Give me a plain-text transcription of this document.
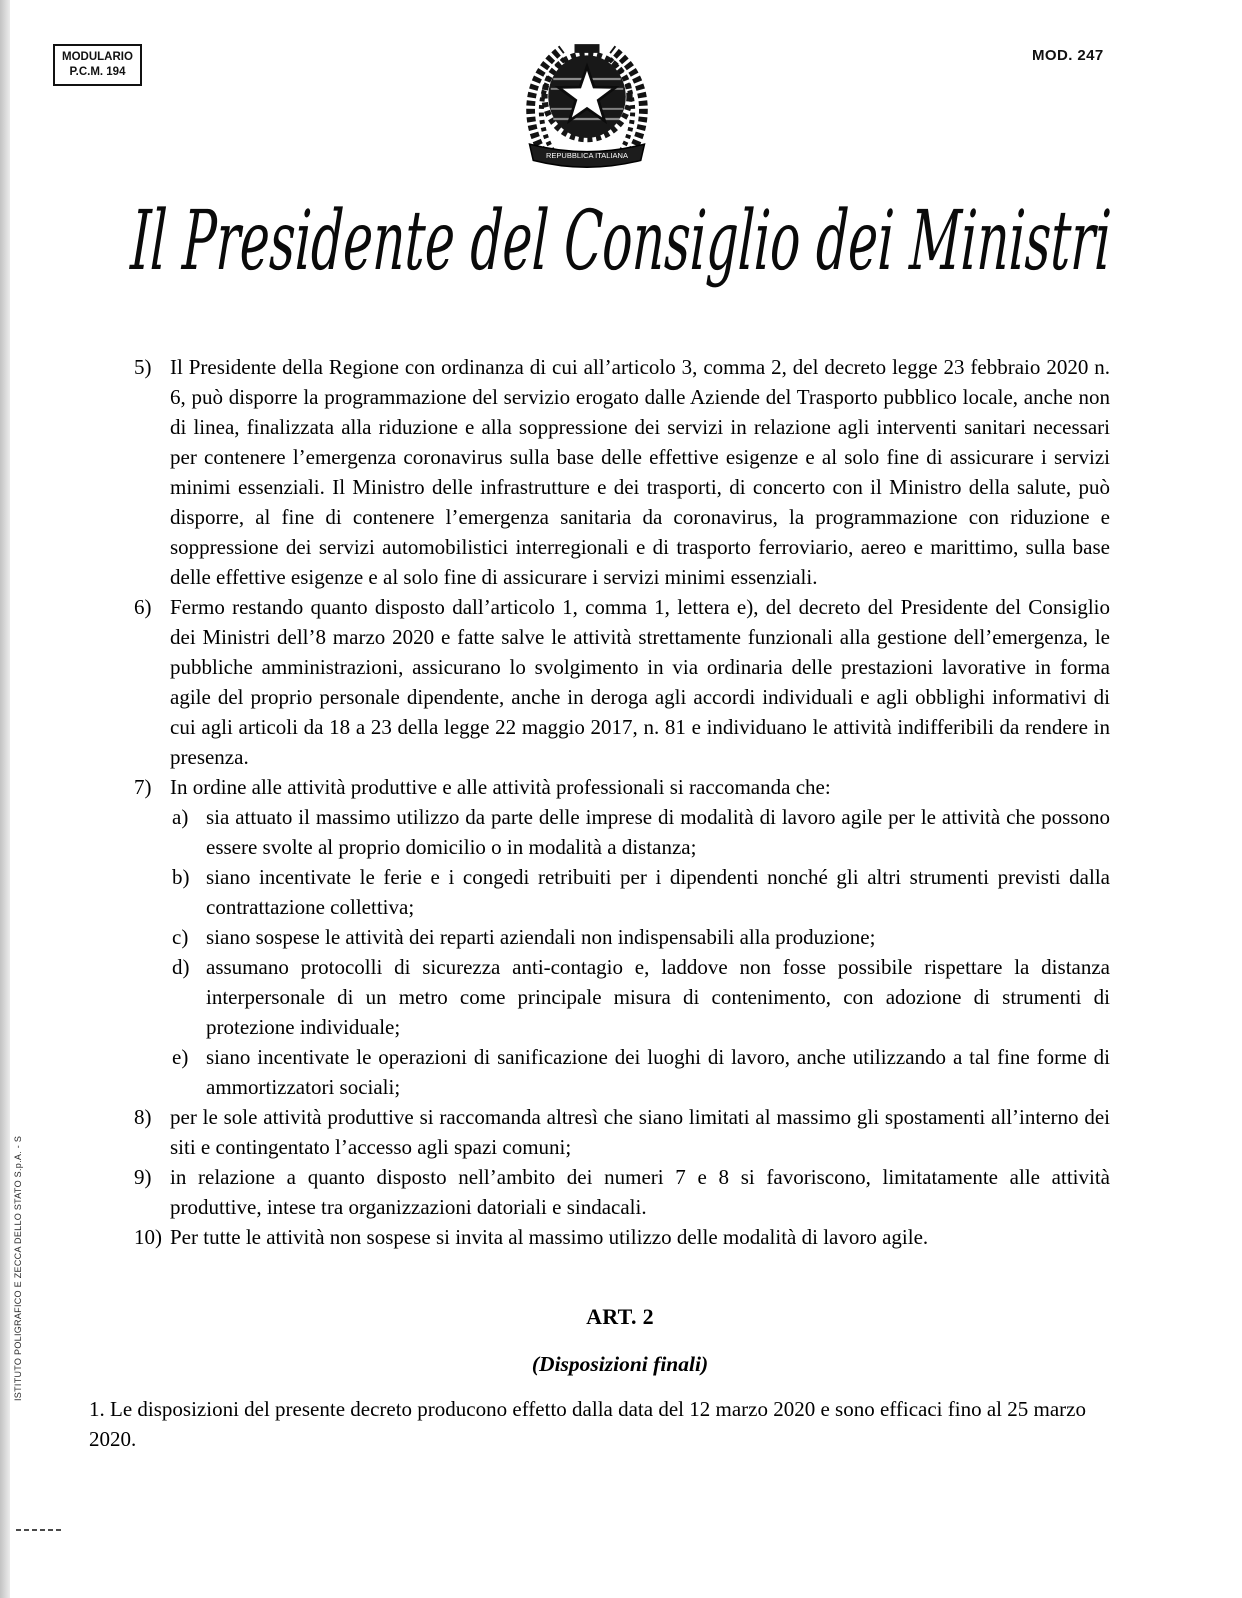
MODULARIO
P.C.M. 194
MOD. 247
REPUBBLICA ITALIANA
Il Presidente del Consiglio dei Ministri
5) Il Presidente della Regione con ordinanza di cui all’articolo 3, comma 2, del decreto legge 23 febbraio 2020 n. 6, può disporre la programmazione del servizio erogato dalle Aziende del Trasporto pubblico locale, anche non di linea, finalizzata alla riduzione e alla soppressione dei servizi in relazione agli interventi sanitari necessari per contenere l’emergenza coronavirus sulla base delle effettive esigenze e al solo fine di assicurare i servizi minimi essenziali. Il Ministro delle infrastrutture e dei trasporti, di concerto con il Ministro della salute, può disporre, al fine di contenere l’emergenza sanitaria da coronavirus, la programmazione con riduzione e soppressione dei servizi automobilistici interregionali e di trasporto ferroviario, aereo e marittimo, sulla base delle effettive esigenze e al solo fine di assicurare i servizi minimi essenziali.
6) Fermo restando quanto disposto dall’articolo 1, comma 1, lettera e), del decreto del Presidente del Consiglio dei Ministri dell’8 marzo 2020 e fatte salve le attività strettamente funzionali alla gestione dell’emergenza, le pubbliche amministrazioni, assicurano lo svolgimento in via ordinaria delle prestazioni lavorative in forma agile del proprio personale dipendente, anche in deroga agli accordi individuali e agli obblighi informativi di cui agli articoli da 18 a 23 della legge 22 maggio 2017, n. 81 e individuano le attività indifferibili da rendere in presenza.
7) In ordine alle attività produttive e alle attività professionali si raccomanda che:
a) sia attuato il massimo utilizzo da parte delle imprese di modalità di lavoro agile per le attività che possono essere svolte al proprio domicilio o in modalità a distanza;
b) siano incentivate le ferie e i congedi retribuiti per i dipendenti nonché gli altri strumenti previsti dalla contrattazione collettiva;
c) siano sospese le attività dei reparti aziendali non indispensabili alla produzione;
d) assumano protocolli di sicurezza anti-contagio e, laddove non fosse possibile rispettare la distanza interpersonale di un metro come principale misura di contenimento, con adozione di strumenti di protezione individuale;
e) siano incentivate le operazioni di sanificazione dei luoghi di lavoro, anche utilizzando a tal fine forme di ammortizzatori sociali;
8) per le sole attività produttive si raccomanda altresì che siano limitati al massimo gli spostamenti all’interno dei siti e contingentato l’accesso agli spazi comuni;
9) in relazione a quanto disposto nell’ambito dei numeri 7 e 8 si favoriscono, limitatamente alle attività produttive, intese tra organizzazioni datoriali e sindacali.
10) Per tutte le attività non sospese si invita al massimo utilizzo delle modalità di lavoro agile.
ART. 2
(Disposizioni finali)
1. Le disposizioni del presente decreto producono effetto dalla data del 12 marzo 2020 e sono efficaci fino al 25 marzo 2020.
ISTITUTO POLIGRAFICO E ZECCA DELLO STATO S.p.A. - S
